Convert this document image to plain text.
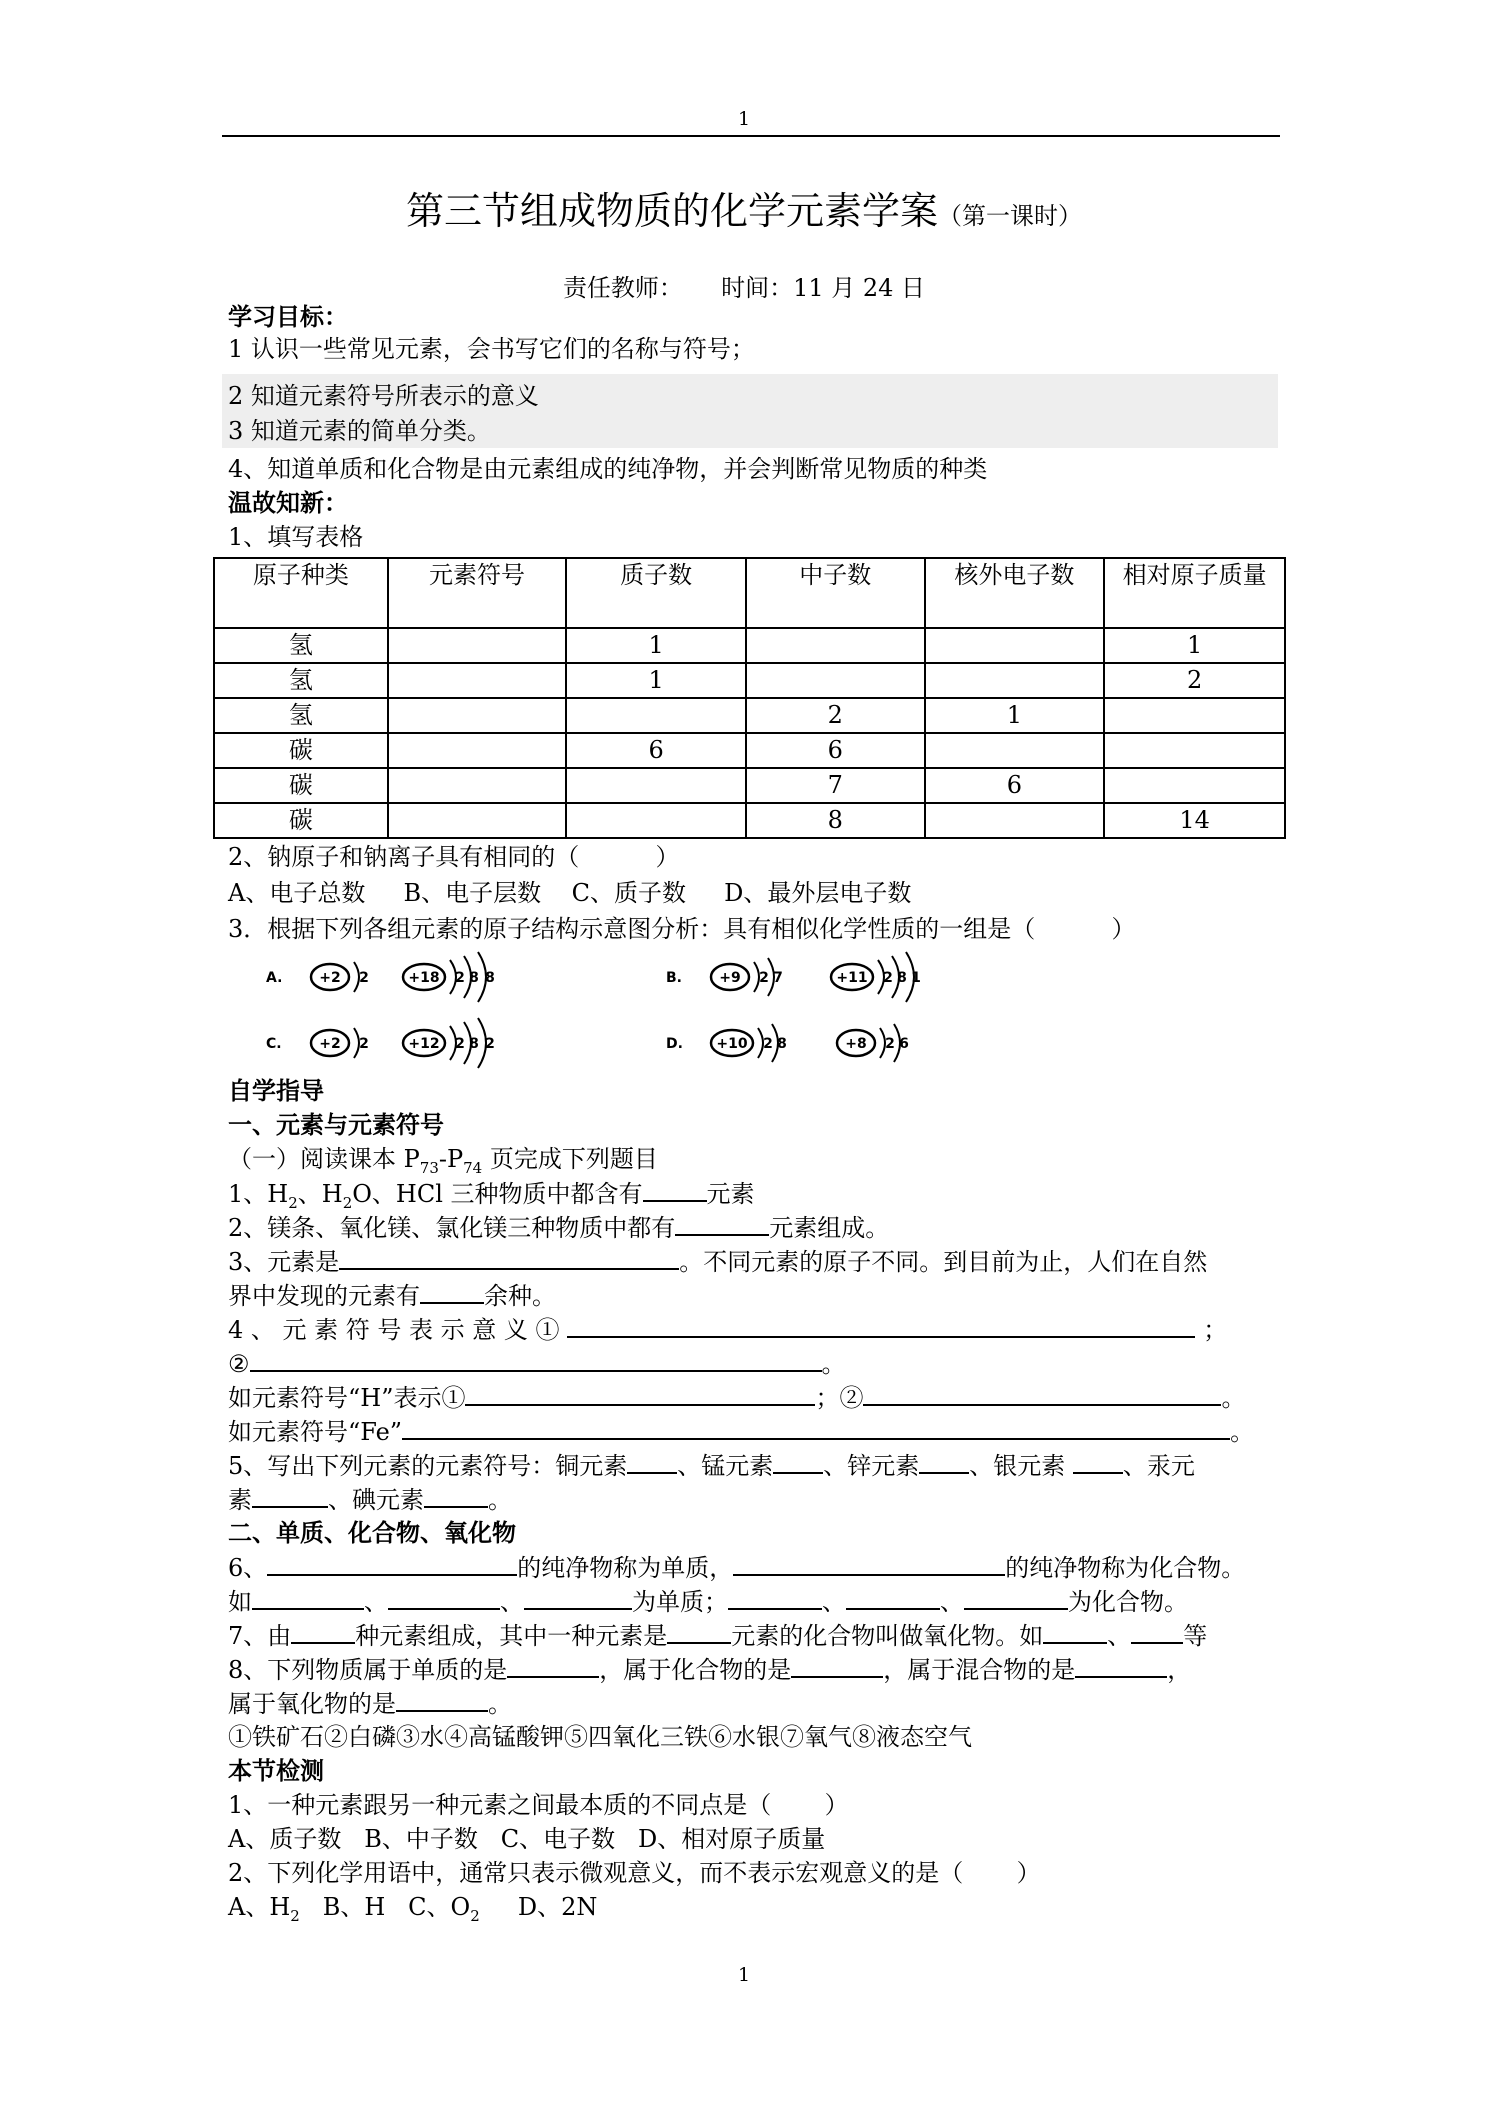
1
第三节组成物质的化学元素学案（第一课时）
责任教师：     时间：11 月 24 日
学习目标：
1 认识一些常见元素，会书写它们的名称与符号；
2 知道元素符号所表示的意义
3 知道元素的简单分类。
4、知道单质和化合物是由元素组成的纯净物，并会判断常见物质的种类
温故知新：
1、填写表格
原子种类	元素符号	质子数	中子数	核外电子数	相对原子质量
氢		1			1
氢		1			2
氢			2	1	
碳		6	6		
碳			7	6	
碳			8		14
2、钠原子和钠离子具有相同的（          ）
A、电子总数     B、电子层数    C、质子数     D、最外层电子数
3．根据下列各组元素的原子结构示意图分析：具有相似化学性质的一组是（          ）
A.	+2 2	+18 2 8 8	B.	+9 2 7	+11 2 8 1
C.	+2 2	+12 2 8 2	D. +10 2 8	+8 2 6
自学指导
一、元素与元素符号
（一）阅读课本 $P_{73}-P_{74}$ 页完成下列题目
1、$H_2$、$H_2O$、HCl 三种物质中都含有	元素
2、镁条、氧化镁、氯化镁三种物质中都有	元素组成。
3、元素是	。不同元素的原子不同。到目前为止，人们在自然
界中发现的元素有	余种。
4 、 元 素 符 号 表 示 意 义 ①	；
②	。
如元素符号“H”表示①	；②	。
如元素符号“Fe”	。
5、写出下列元素的元素符号：铜元素 、锰元素 、锌元素 、银元素 、汞元
素	、碘元素	。
二、单质、化合物、氧化物
6、	的纯净物称为单质，	的纯净物称为化合物。
如	、	、	为单质；	、	、	为化合物。
7、由	种元素组成，其中一种元素是	元素的化合物叫做氧化物。如	、 等
8、下列物质属于单质的是	，属于化合物的是	，属于混合物的是	，
属于氧化物的是	。
①铁矿石②白磷③水④高锰酸钾⑤四氧化三铁⑥水银⑦氧气⑧液态空气
本节检测
1、一种元素跟另一种元素之间最本质的不同点是（       ）
A、质子数   B、中子数   C、电子数   D、相对原子质量
2、下列化学用语中，通常只表示微观意义，而不表示宏观意义的是（       ）
A、$H_2$   B、H   C、$O_2$     D、2N
1
